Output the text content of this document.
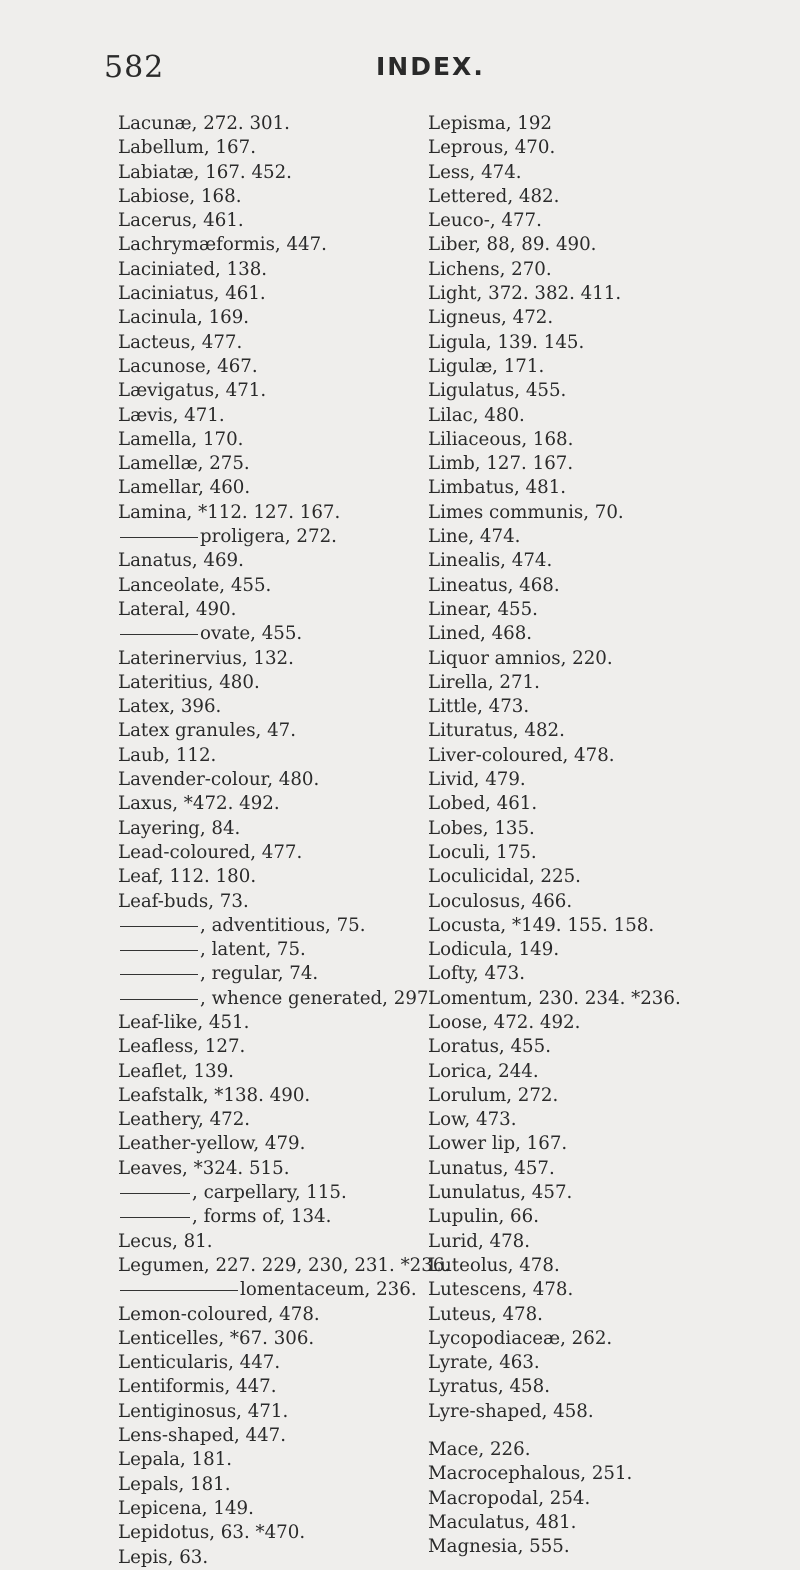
582	INDEX.
Lacunæ, 272. 301.
Labellum, 167.
Labiatæ, 167. 452.
Labiose, 168.
Lacerus, 461.
Lachrymæformis, 447.
Laciniated, 138.
Laciniatus, 461.
Lacinula, 169.
Lacteus, 477.
Lacunose, 467.
Lævigatus, 471.
Lævis, 471.
Lamella, 170.
Lamellæ, 275.
Lamellar, 460.
Lamina, *112. 127. 167.
proligera, 272.
Lanatus, 469.
Lanceolate, 455.
Lateral, 490.
ovate, 455.
Laterinervius, 132.
Lateritius, 480.
Latex, 396.
Latex granules, 47.
Laub, 112.
Lavender-colour, 480.
Laxus, *472. 492.
Layering, 84.
Lead-coloured, 477.
Leaf, 112. 180.
Leaf-buds, 73.
, adventitious, 75.
, latent, 75.
, regular, 74.
, whence generated, 297.
Leaf-like, 451.
Leafless, 127.
Leaflet, 139.
Leafstalk, *138. 490.
Leathery, 472.
Leather-yellow, 479.
Leaves, *324. 515.
, carpellary, 115.
, forms of, 134.
Lecus, 81.
Legumen, 227. 229, 230, 231. *236.
lomentaceum, 236.
Lemon-coloured, 478.
Lenticelles, *67. 306.
Lenticularis, 447.
Lentiformis, 447.
Lentiginosus, 471.
Lens-shaped, 447.
Lepala, 181.
Lepals, 181.
Lepicena, 149.
Lepidotus, 63. *470.
Lepis, 63.
Lepisma, 192
Leprous, 470.
Less, 474.
Lettered, 482.
Leuco-, 477.
Liber, 88, 89. 490.
Lichens, 270.
Light, 372. 382. 411.
Ligneus, 472.
Ligula, 139. 145.
Ligulæ, 171.
Ligulatus, 455.
Lilac, 480.
Liliaceous, 168.
Limb, 127. 167.
Limbatus, 481.
Limes communis, 70.
Line, 474.
Linealis, 474.
Lineatus, 468.
Linear, 455.
Lined, 468.
Liquor amnios, 220.
Lirella, 271.
Little, 473.
Lituratus, 482.
Liver-coloured, 478.
Livid, 479.
Lobed, 461.
Lobes, 135.
Loculi, 175.
Loculicidal, 225.
Loculosus, 466.
Locusta, *149. 155. 158.
Lodicula, 149.
Lofty, 473.
Lomentum, 230. 234. *236.
Loose, 472. 492.
Loratus, 455.
Lorica, 244.
Lorulum, 272.
Low, 473.
Lower lip, 167.
Lunatus, 457.
Lunulatus, 457.
Lupulin, 66.
Lurid, 478.
Luteolus, 478.
Lutescens, 478.
Luteus, 478.
Lycopodiaceæ, 262.
Lyrate, 463.
Lyratus, 458.
Lyre-shaped, 458.
Mace, 226.
Macrocephalous, 251.
Macropodal, 254.
Maculatus, 481.
Magnesia, 555.
